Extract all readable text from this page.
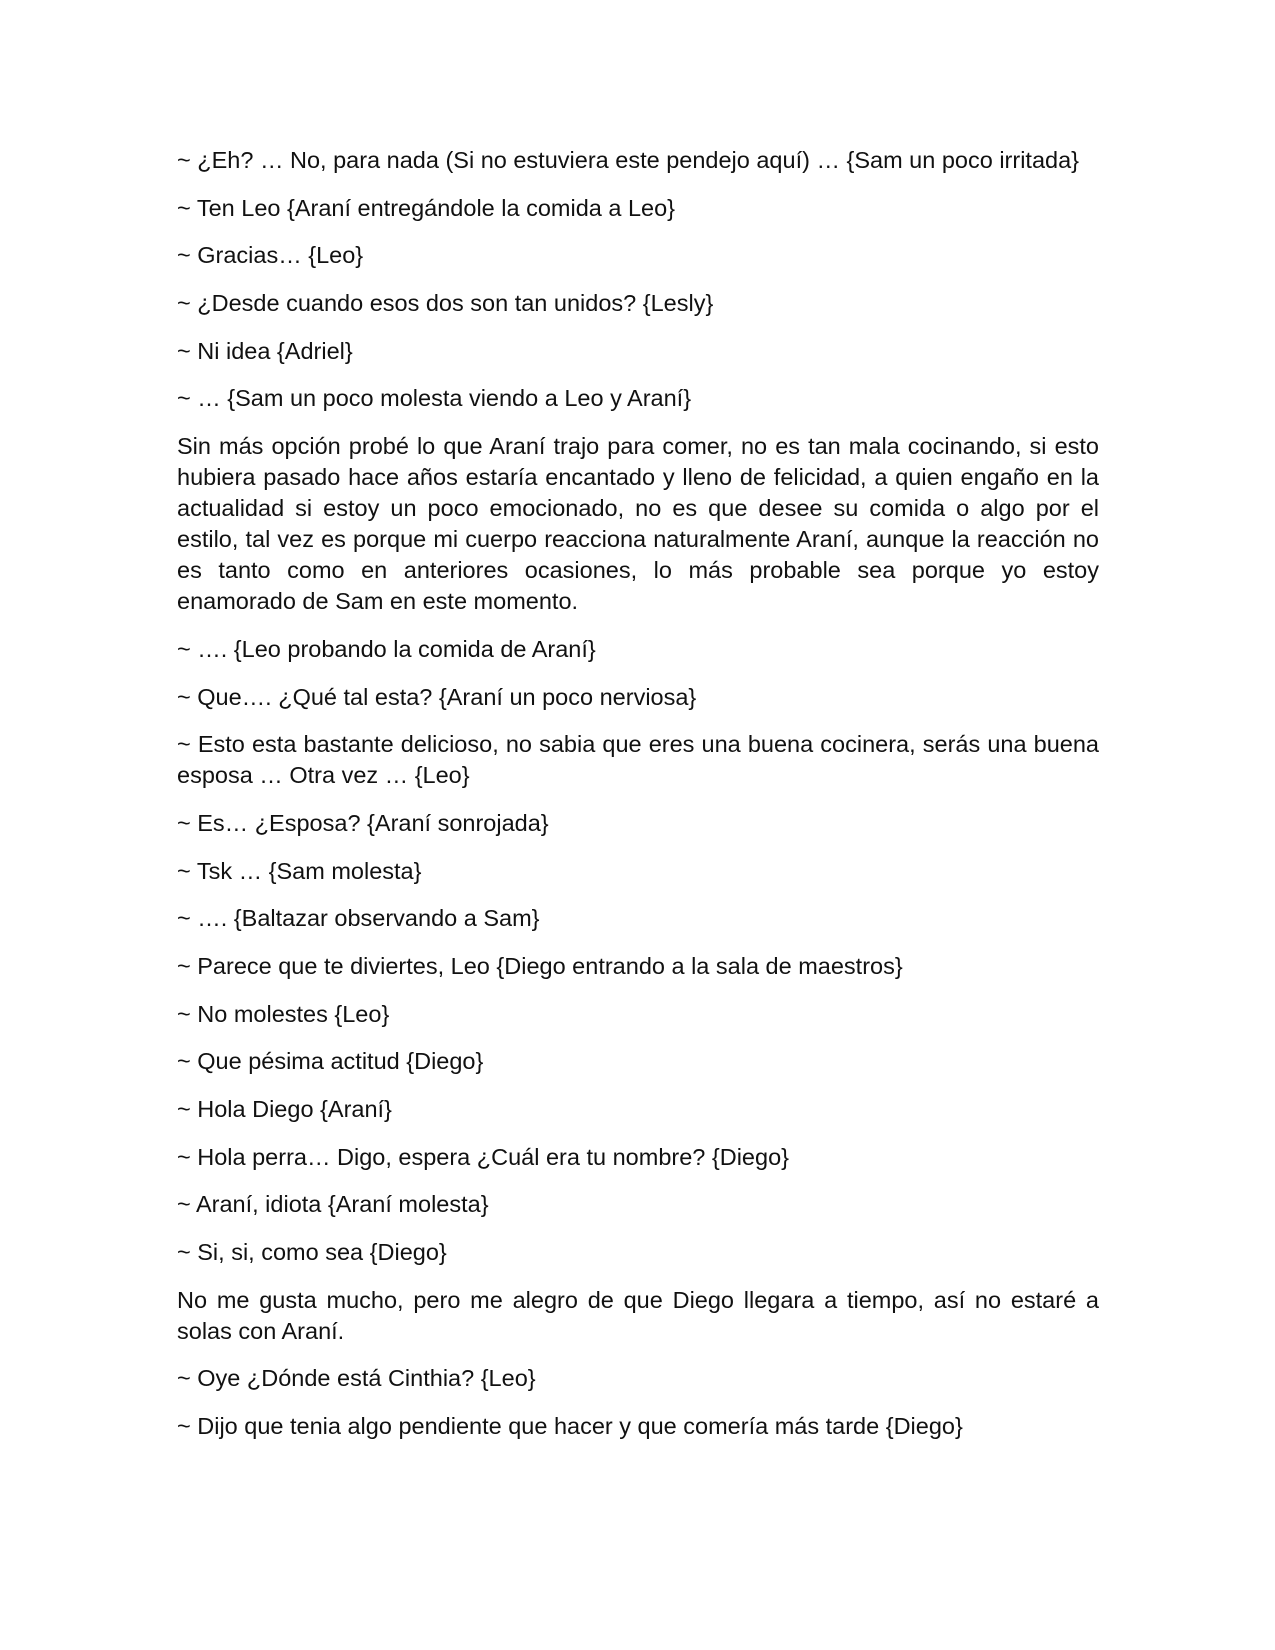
~ ¿Eh? … No, para nada (Si no estuviera este pendejo aquí) … {Sam un poco irritada}

~ Ten Leo {Araní entregándole la comida a Leo}

~ Gracias… {Leo}

~ ¿Desde cuando esos dos son tan unidos? {Lesly}

~ Ni idea {Adriel}

~ … {Sam un poco molesta viendo a Leo y Araní}

Sin más opción probé lo que Araní trajo para comer, no es tan mala cocinando, si esto hubiera pasado hace años estaría encantado y lleno de felicidad, a quien engaño en la actualidad si estoy un poco emocionado, no es que desee su comida o algo por el estilo, tal vez es porque mi cuerpo reacciona naturalmente Araní, aunque la reacción no es tanto como en anteriores ocasiones, lo más probable sea porque yo estoy enamorado de Sam en este momento.

~ …. {Leo probando la comida de Araní}

~ Que…. ¿Qué tal esta? {Araní un poco nerviosa}

~ Esto esta bastante delicioso, no sabia que eres una buena cocinera, serás una buena esposa … Otra vez … {Leo}

~ Es… ¿Esposa? {Araní sonrojada}

~ Tsk … {Sam molesta}

~ …. {Baltazar observando a Sam}

~ Parece que te diviertes, Leo {Diego entrando a la sala de maestros}

~ No molestes {Leo}

~ Que pésima actitud {Diego}

~ Hola Diego {Araní}

~ Hola perra… Digo, espera ¿Cuál era tu nombre? {Diego}

~ Araní, idiota {Araní molesta}

~ Si, si, como sea {Diego}

No me gusta mucho, pero me alegro de que Diego llegara a tiempo, así no estaré a solas con Araní.

~ Oye ¿Dónde está Cinthia? {Leo}

~ Dijo que tenia algo pendiente que hacer y que comería más tarde {Diego}
